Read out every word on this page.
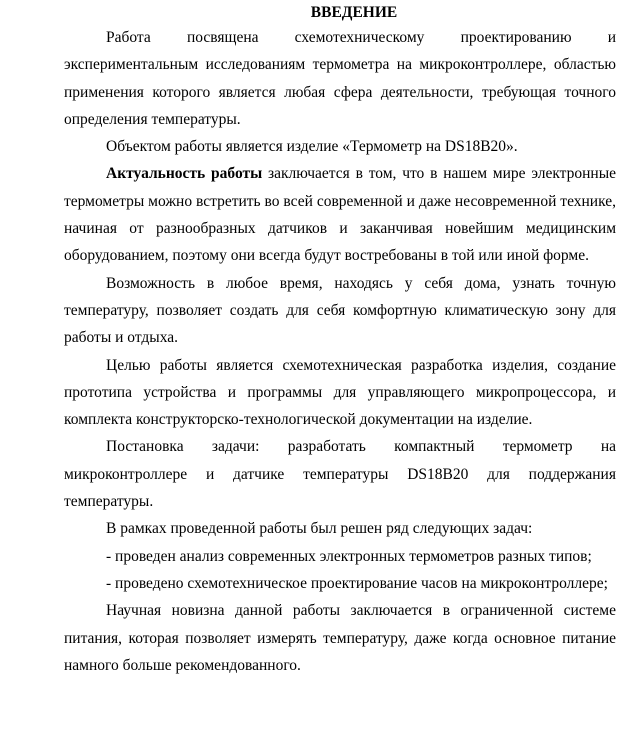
ВВЕДЕНИЕ

Работа посвящена схемотехническому проектированию и экспериментальным исследованиям термометра на микроконтроллере, областью применения которого является любая сфера деятельности, требующая точного определения температуры.

Объектом работы является изделие «Термометр на DS18B20».

Актуальность работы заключается в том, что в нашем мире электронные термометры можно встретить во всей современной и даже несовременной технике, начиная от разнообразных датчиков и заканчивая новейшим медицинским оборудованием, поэтому они всегда будут востребованы в той или иной форме.

Возможность в любое время, находясь у себя дома, узнать точную температуру, позволяет создать для себя комфортную климатическую зону для работы и отдыха.

Целью работы является схемотехническая разработка изделия, создание прототипа устройства и программы для управляющего микропроцессора, и комплекта конструкторско-технологической документации на изделие.

Постановка задачи: разработать компактный термометр на микроконтроллере и датчике температуры DS18B20 для поддержания температуры.

В рамках проведенной работы был решен ряд следующих задач:

- проведен анализ современных электронных термометров разных типов;

- проведено схемотехническое проектирование часов на микроконтроллере;

Научная новизна данной работы заключается в ограниченной системе питания, которая позволяет измерять температуру, даже когда основное питание намного больше рекомендованного.
